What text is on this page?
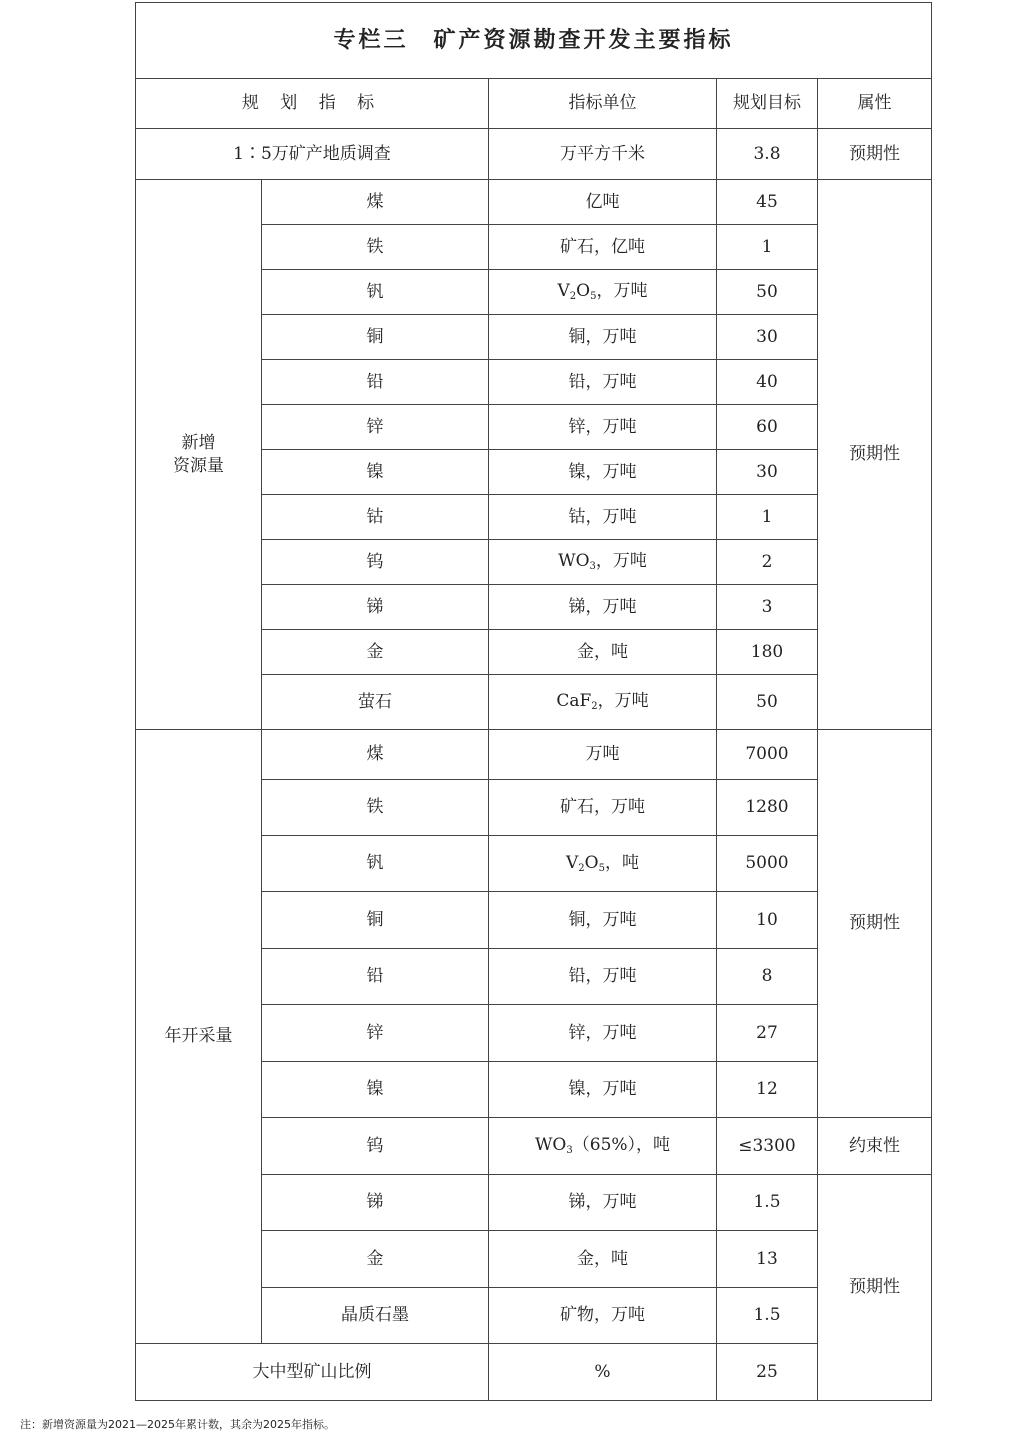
专栏三　矿产资源勘查开发主要指标				
规 划 指 标		指标单位	规划目标	属性
1∶5万矿产地质调查		万平方千米	3.8	预期性
新增
资源量	煤	亿吨	45	预期性
	铁	矿石，亿吨	1	
	钒	$V_2O_5$，万吨	50	
	铜	铜，万吨	30	
	铅	铅，万吨	40	
	锌	锌，万吨	60	
	镍	镍，万吨	30	
	钴	钴，万吨	1	
	钨	$WO_3$，万吨	2	
	锑	锑，万吨	3	
	金	金，吨	180	
	萤石	CaF$_2$，万吨	50	
年开采量	煤	万吨	7000	预期性
	铁	矿石，万吨	1280	
	钒	$V_2O_5$，吨	5000	
	铜	铜，万吨	10	
	铅	铅，万吨	8	
	锌	锌，万吨	27	
	镍	镍，万吨	12	
	钨	$WO_3(65\%)$，吨	≤3300	约束性
	锑	锑，万吨	1.5	预期性
	金	金，吨	13	
	晶质石墨	矿物，万吨	1.5	
大中型矿山比例		%	25	
注：新增资源量为2021—2025年累计数，其余为2025年指标。
